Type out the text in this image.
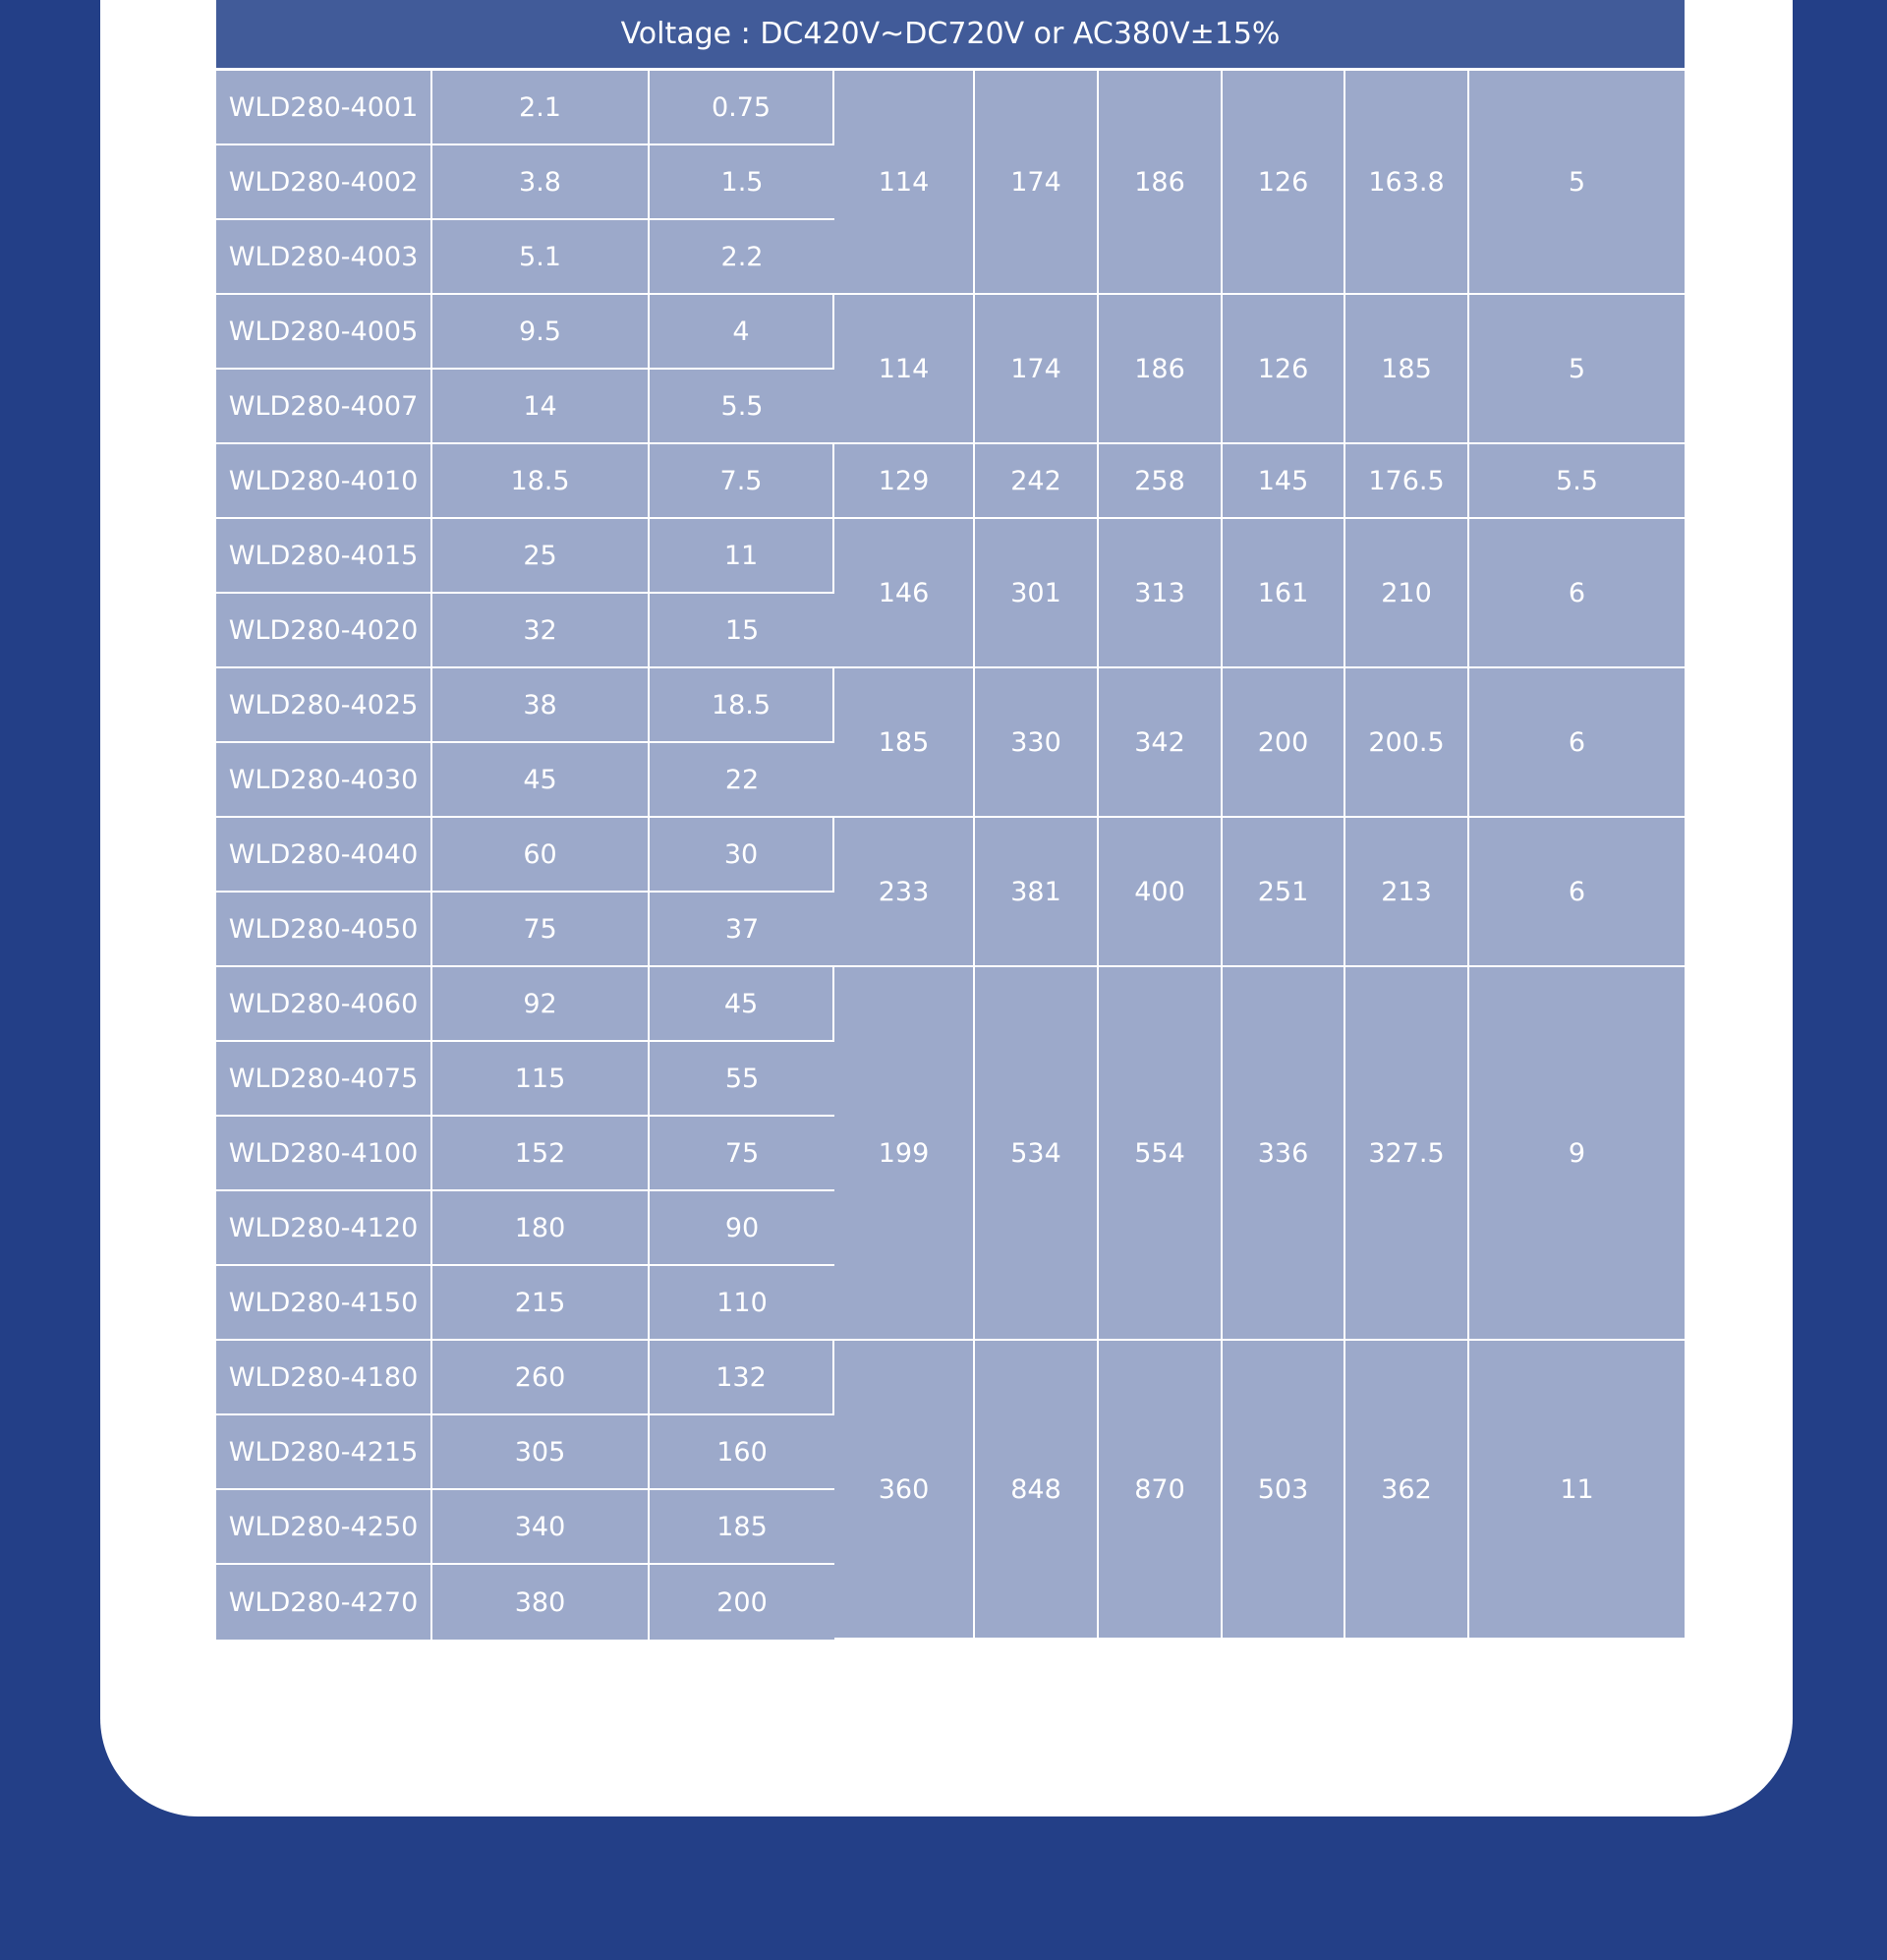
Voltage : DC420V~DC720V or AC380V±15%								
WLD280-4001	2.1	0.75	114	174	186	126	163.8	5
WLD280-4002	3.8	1.5						
WLD280-4003	5.1	2.2						
WLD280-4005	9.5	4	114	174	186	126	185	5
WLD280-4007	14	5.5						
WLD280-4010	18.5	7.5	129	242	258	145	176.5	5.5
WLD280-4015	25	11	146	301	313	161	210	6
WLD280-4020	32	15						
WLD280-4025	38	18.5	185	330	342	200	200.5	6
WLD280-4030	45	22						
WLD280-4040	60	30	233	381	400	251	213	6
WLD280-4050	75	37						
WLD280-4060	92	45	199	534	554	336	327.5	9
WLD280-4075	115	55						
WLD280-4100	152	75						
WLD280-4120	180	90						
WLD280-4150	215	110						
WLD280-4180	260	132	360	848	870	503	362	11
WLD280-4215	305	160						
WLD280-4250	340	185						
WLD280-4270	380	200						
